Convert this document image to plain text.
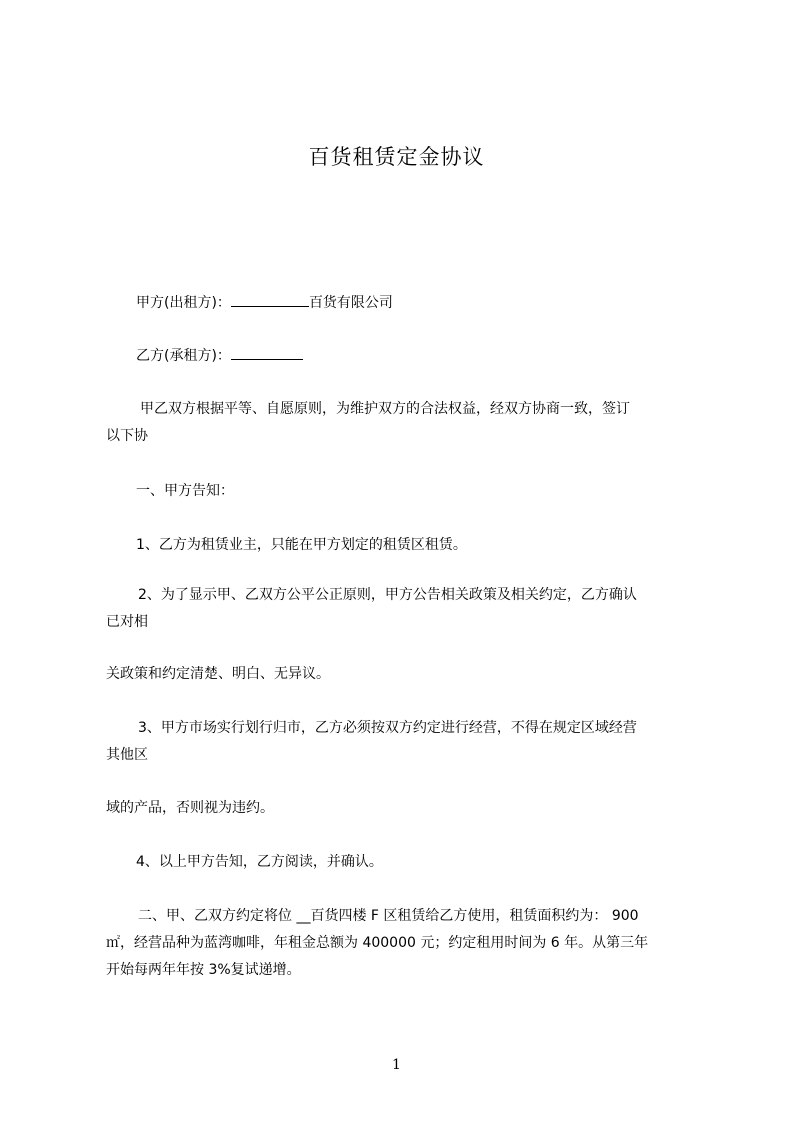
百货租赁定金协议
甲方(出租方)：	百货有限公司
乙方(承租方)：
甲乙双方根据平等、自愿原则，为维护双方的合法权益，经双方协商一致，签订
以下协
一、甲方告知：
1、乙方为租赁业主，只能在甲方划定的租赁区租赁。
2、为了显示甲、乙双方公平公正原则，甲方公告相关政策及相关约定，乙方确认
已对相
关政策和约定清楚、明白、无异议。
3、甲方市场实行划行归市，乙方必须按双方约定进行经营，不得在规定区域经营
其他区
域的产品，否则视为违约。
4、以上甲方告知，乙方阅读，并确认。
二、甲、乙双方约定将位 __百货四楼 F 区租赁给乙方使用，租赁面积约为： 900
㎡，经营品种为蓝湾咖啡，年租金总额为 400000 元；约定租用时间为 6 年。从第三年
开始每两年年按 3%复试递增。
1
